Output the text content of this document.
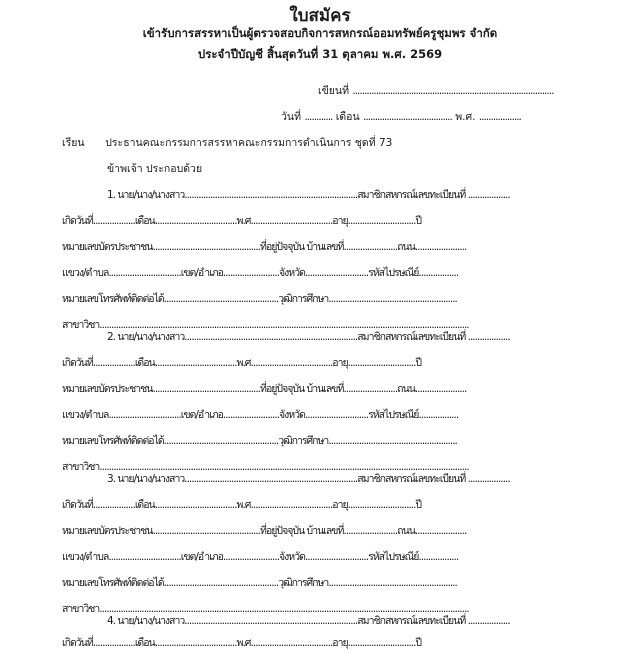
ใบสมัคร
เข้ารับการสรรหาเป็นผู้ตรวจสอบกิจการสหกรณ์ออมทรัพย์ครูชุมพร จำกัด
ประจำปีบัญชี สิ้นสุดวันที่ 31 ตุลาคม พ.ศ. 2569
เขียนที่ ......................................................................................
วันที่ ............ เดือน ...................................... พ.ศ. ..................
เรียน ประธานคณะกรรมการสรรหาคณะกรรมการดำเนินการ ชุดที่ 73
ข้าพเจ้า ประกอบด้วย
1. นาย/นาง/นางสาว..........................................................................สมาชิกสหกรณ์เลขทะเบียนที่ ..................
เกิดวันที่..................เดือน...................................พ.ศ...................................อายุ.............................ปี
หมายเลขบัตรประชาชน..............................................ที่อยู่ปัจจุบัน บ้านเลขที่.......................ถนน......................
แขวง/ตำบล...............................เขต/อำเภอ........................จังหวัด...........................รหัสไปรษณีย์.................
หมายเลขโทรศัพท์ติดต่อได้.................................................วุฒิการศึกษา.......................................................
สาขาวิชา..............................................................................................................................................................
2. นาย/นาง/นางสาว..........................................................................สมาชิกสหกรณ์เลขทะเบียนที่ ..................
เกิดวันที่..................เดือน...................................พ.ศ...................................อายุ.............................ปี
หมายเลขบัตรประชาชน..............................................ที่อยู่ปัจจุบัน บ้านเลขที่.......................ถนน......................
แขวง/ตำบล...............................เขต/อำเภอ........................จังหวัด...........................รหัสไปรษณีย์.................
หมายเลขโทรศัพท์ติดต่อได้.................................................วุฒิการศึกษา.......................................................
สาขาวิชา..............................................................................................................................................................
3. นาย/นาง/นางสาว..........................................................................สมาชิกสหกรณ์เลขทะเบียนที่ ..................
เกิดวันที่..................เดือน...................................พ.ศ...................................อายุ.............................ปี
หมายเลขบัตรประชาชน..............................................ที่อยู่ปัจจุบัน บ้านเลขที่.......................ถนน......................
แขวง/ตำบล...............................เขต/อำเภอ........................จังหวัด...........................รหัสไปรษณีย์.................
หมายเลขโทรศัพท์ติดต่อได้.................................................วุฒิการศึกษา.......................................................
สาขาวิชา..............................................................................................................................................................
4. นาย/นาง/นางสาว..........................................................................สมาชิกสหกรณ์เลขทะเบียนที่ ..................
เกิดวันที่..................เดือน...................................พ.ศ...................................อายุ.............................ปี
